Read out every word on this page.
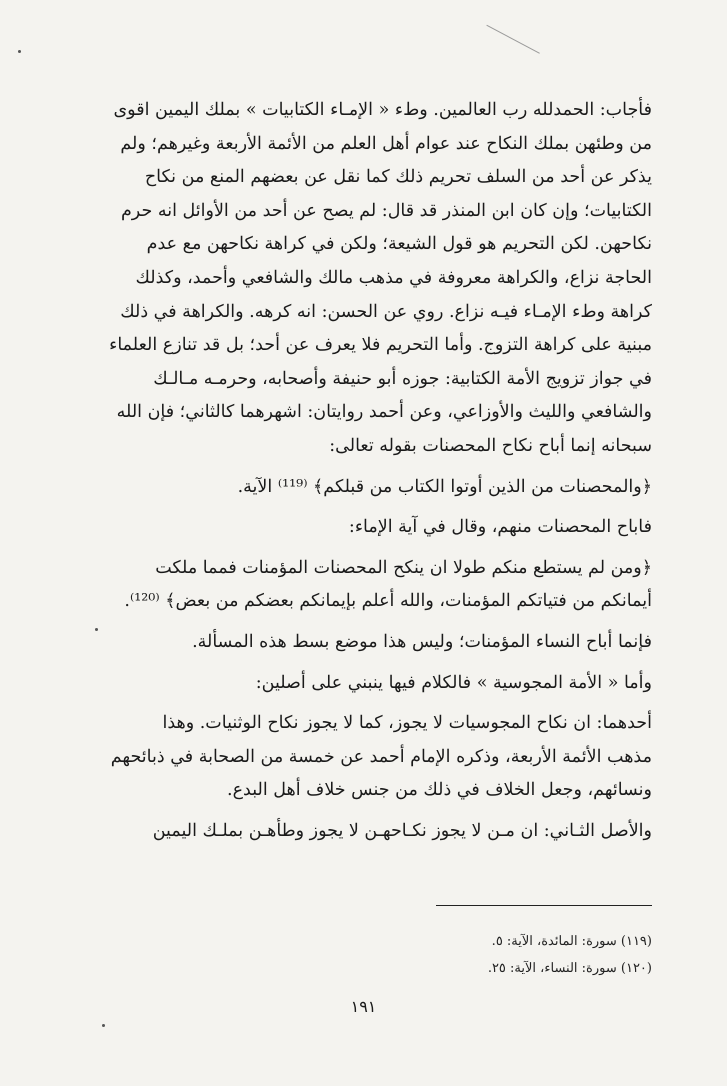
فأجاب: الحمدلله رب العالمين. وطء « الإمـاء الكتابيات » بملك اليمين اقوى

من وطئهن بملك النكاح عند عوام أهل العلم من الأئمة الأربعة وغيرهم؛ ولم

يذكر عن أحد من السلف تحريم ذلك كما نقل عن بعضهم المنع من نكاح

الكتابيات؛ وإن كان ابن المنذر قد قال: لم يصح عن أحد من الأوائل انه حرم

نكاحهن. لكن التحريم هو قول الشيعة؛ ولكن في كراهة نكاحهن مع عدم

الحاجة نزاع، والكراهة معروفة في مذهب مالك والشافعي وأحمد، وكذلك

كراهة وطء الإمـاء فيـه نزاع. روي عن الحسن: انه كرهه. والكراهة في ذلك

مبنية على كراهة التزوج. وأما التحريم فلا يعرف عن أحد؛ بل قد تنازع العلماء

في جواز تزويج الأمة الكتابية: جوزه أبو حنيفة وأصحابه، وحرمـه مـالـك

والشافعي والليث والأوزاعي، وعن أحمد روايتان: اشهرهما كالثاني؛ فإن الله

سبحانه إنما أباح نكاح المحصنات بقوله تعالى:

﴿والمحصنات من الذين أوتوا الكتاب من قبلكم﴾ ⁽¹¹⁹⁾ الآية.

فاباح المحصنات منهم، وقال في آية الإماء:

﴿ومن لم يستطع منكم طولا ان ينكح المحصنات المؤمنات فمما ملكت

أيمانكم من فتياتكم المؤمنات، والله أعلم بإيمانكم بعضكم من بعض﴾ ⁽¹²⁰⁾.

فإنما أباح النساء المؤمنات؛ وليس هذا موضع بسط هذه المسألة.

وأما « الأمة المجوسية » فالكلام فيها ينبني على أصلين:

أحدهما: ان نكاح المجوسيات لا يجوز، كما لا يجوز نكاح الوثنيات. وهذا

مذهب الأئمة الأربعة، وذكره الإمام أحمد عن خمسة من الصحابة في ذبائحهم

ونسائهم، وجعل الخلاف في ذلك من جنس خلاف أهل البدع.

والأصل الثـاني: ان مـن لا يجوز نكـاحهـن لا يجوز وطأهـن بملـك اليمين

(١١٩) سورة: المائدة، الآية: ٥.
(١٢٠) سورة: النساء، الآية: ٢٥.
١٩١
